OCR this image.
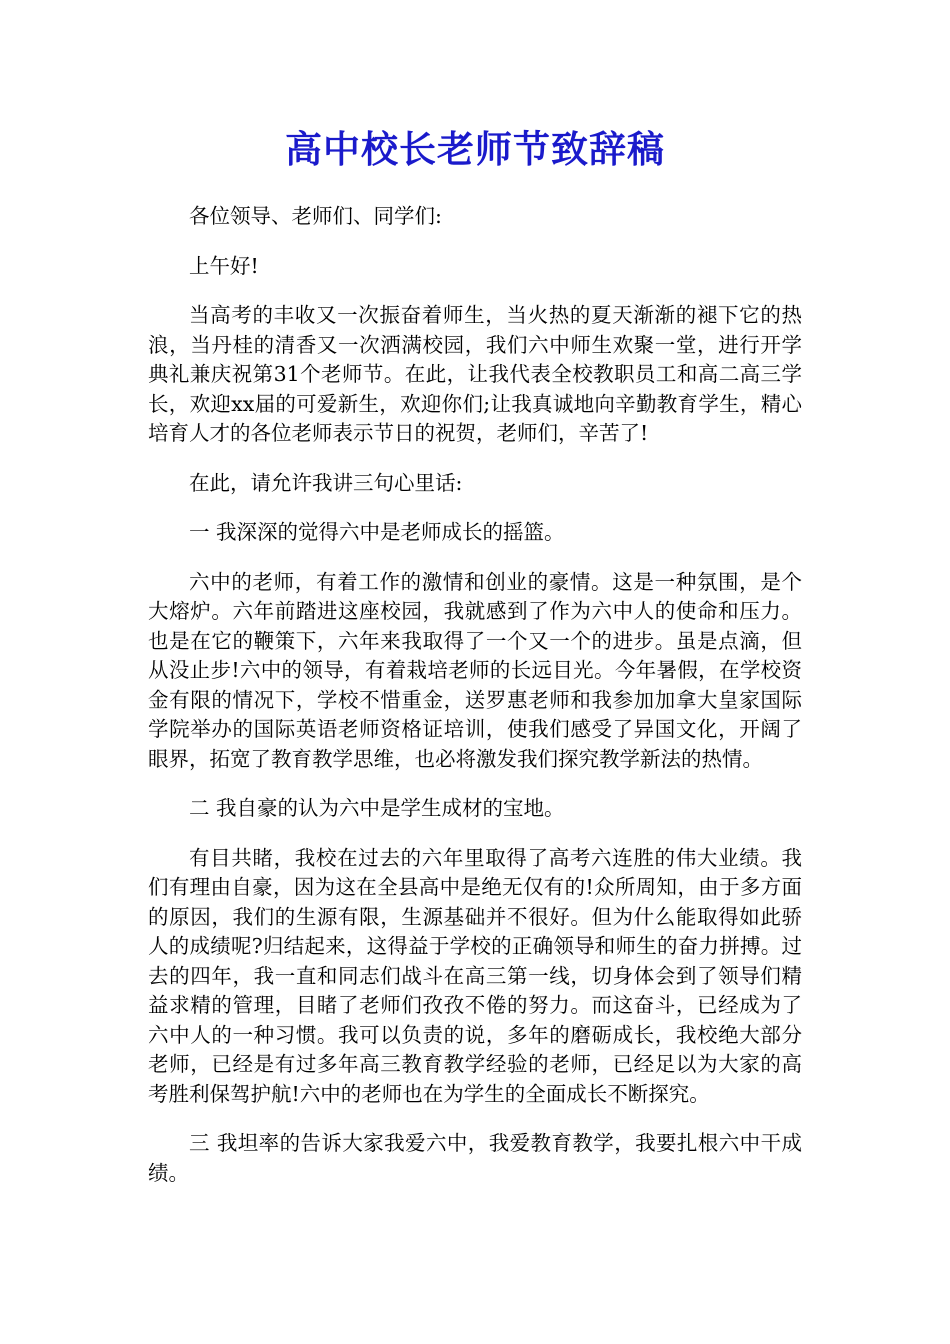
高中校长老师节致辞稿

各位领导、老师们、同学们:

上午好!

当高考的丰收又一次振奋着师生，当火热的夏天渐渐的褪下它的热浪，当丹桂的清香又一次洒满校园，我们六中师生欢聚一堂，进行开学典礼兼庆祝第31个老师节。在此，让我代表全校教职员工和高二高三学长，欢迎xx届的可爱新生，欢迎你们;让我真诚地向辛勤教育学生，精心培育人才的各位老师表示节日的祝贺，老师们，辛苦了!

在此，请允许我讲三句心里话:

一 我深深的觉得六中是老师成长的摇篮。

六中的老师，有着工作的激情和创业的豪情。这是一种氛围，是个大熔炉。六年前踏进这座校园，我就感到了作为六中人的使命和压力。也是在它的鞭策下，六年来我取得了一个又一个的进步。虽是点滴，但从没止步!六中的领导，有着栽培老师的长远目光。今年暑假，在学校资金有限的情况下，学校不惜重金，送罗惠老师和我参加加拿大皇家国际学院举办的国际英语老师资格证培训，使我们感受了异国文化，开阔了眼界，拓宽了教育教学思维，也必将激发我们探究教学新法的热情。

二 我自豪的认为六中是学生成材的宝地。

有目共睹，我校在过去的六年里取得了高考六连胜的伟大业绩。我们有理由自豪，因为这在全县高中是绝无仅有的!众所周知，由于多方面的原因，我们的生源有限，生源基础并不很好。但为什么能取得如此骄人的成绩呢?归结起来，这得益于学校的正确领导和师生的奋力拼搏。过去的四年，我一直和同志们战斗在高三第一线，切身体会到了领导们精益求精的管理，目睹了老师们孜孜不倦的努力。而这奋斗，已经成为了六中人的一种习惯。我可以负责的说，多年的磨砺成长，我校绝大部分老师，已经是有过多年高三教育教学经验的老师，已经足以为大家的高考胜利保驾护航!六中的老师也在为学生的全面成长不断探究。

三 我坦率的告诉大家我爱六中，我爱教育教学，我要扎根六中干成绩。
